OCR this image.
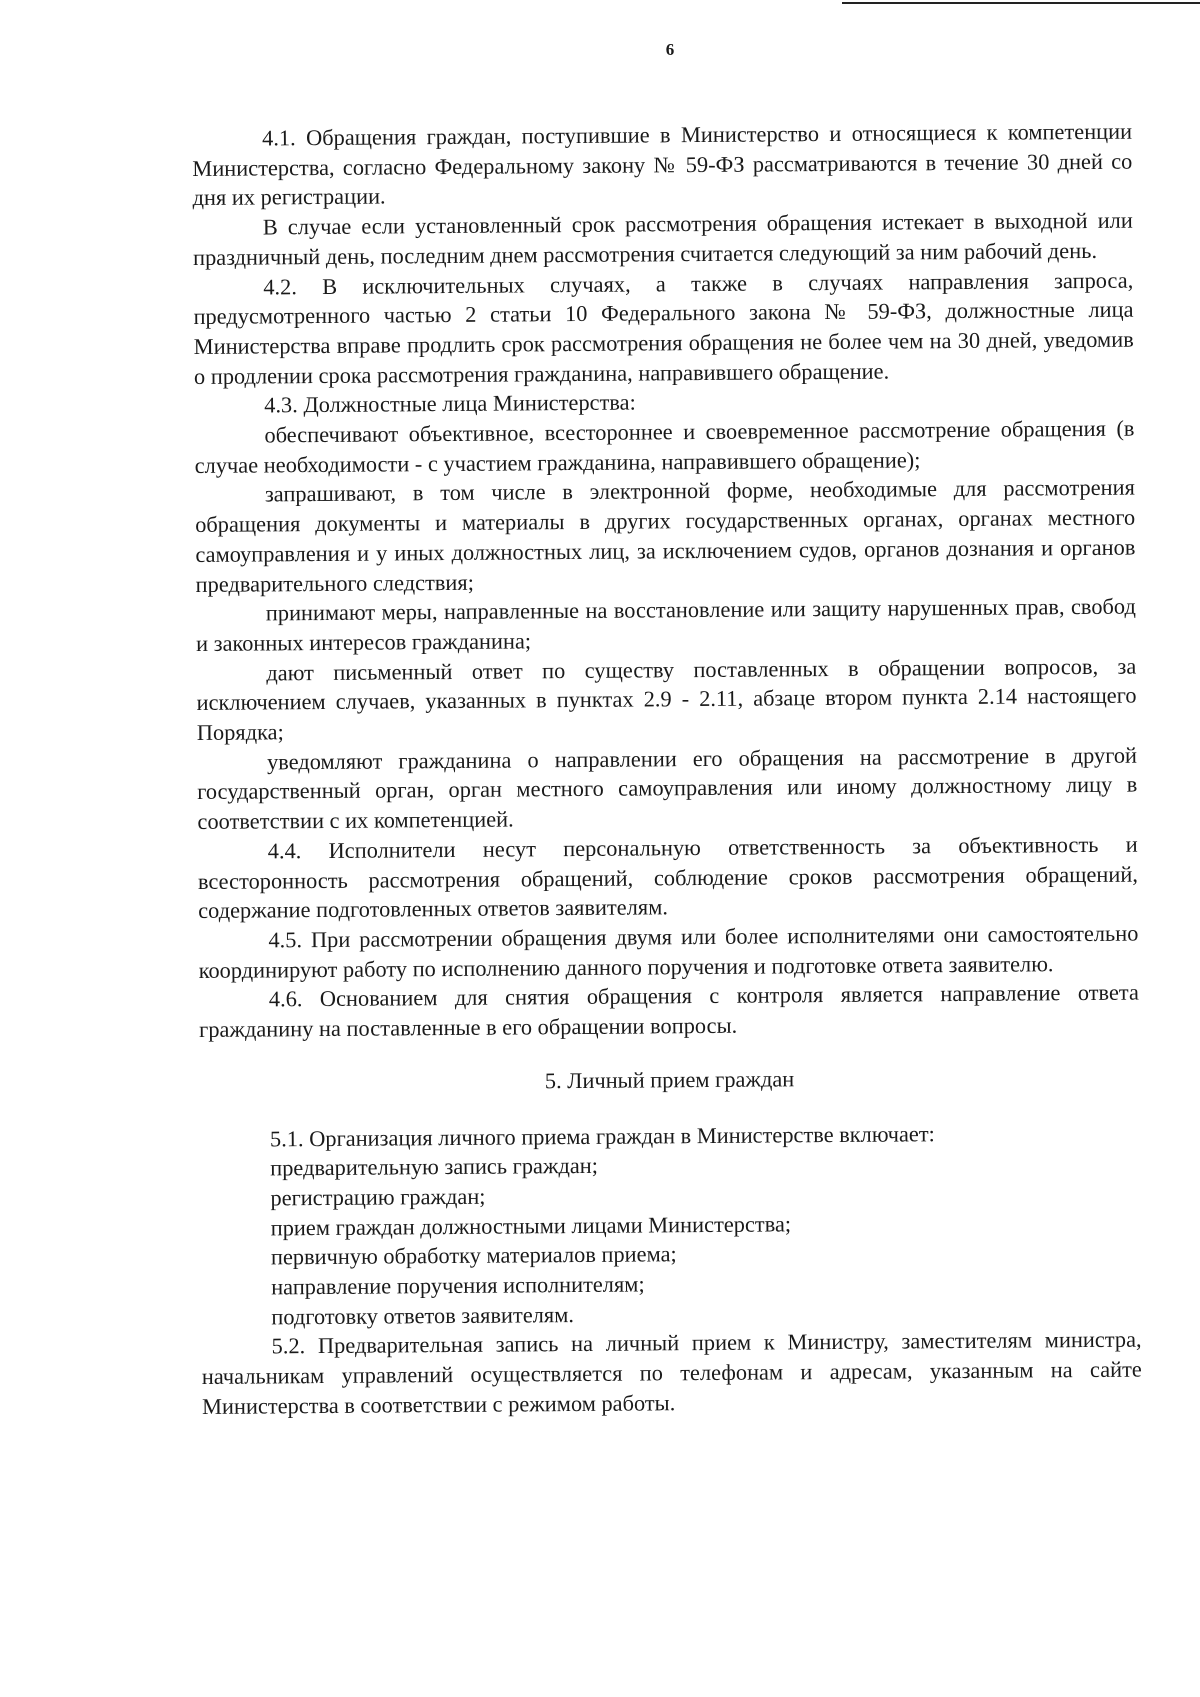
6

4.1. Обращения граждан, поступившие в Министерство и относящиеся к компетенции Министерства, согласно Федеральному закону № 59-ФЗ рассматриваются в течение 30 дней со дня их регистрации.

В случае если установленный срок рассмотрения обращения истекает в выходной или праздничный день, последним днем рассмотрения считается следующий за ним рабочий день.

4.2. В исключительных случаях, а также в случаях направления запроса, предусмотренного частью 2 статьи 10 Федерального закона № 59-ФЗ, должностные лица Министерства вправе продлить срок рассмотрения обращения не более чем на 30 дней, уведомив о продлении срока рассмотрения гражданина, направившего обращение.

4.3. Должностные лица Министерства:

обеспечивают объективное, всестороннее и своевременное рассмотрение обращения (в случае необходимости - с участием гражданина, направившего обращение);

запрашивают, в том числе в электронной форме, необходимые для рассмотрения обращения документы и материалы в других государственных органах, органах местного самоуправления и у иных должностных лиц, за исключением судов, органов дознания и органов предварительного следствия;

принимают меры, направленные на восстановление или защиту нарушенных прав, свобод и законных интересов гражданина;

дают письменный ответ по существу поставленных в обращении вопросов, за исключением случаев, указанных в пунктах 2.9 - 2.11, абзаце втором пункта 2.14 настоящего Порядка;

уведомляют гражданина о направлении его обращения на рассмотрение в другой государственный орган, орган местного самоуправления или иному должностному лицу в соответствии с их компетенцией.

4.4. Исполнители несут персональную ответственность за объективность и всесторонность рассмотрения обращений, соблюдение сроков рассмотрения обращений, содержание подготовленных ответов заявителям.

4.5. При рассмотрении обращения двумя или более исполнителями они самостоятельно координируют работу по исполнению данного поручения и подготовке ответа заявителю.

4.6. Основанием для снятия обращения с контроля является направление ответа гражданину на поставленные в его обращении вопросы.

5. Личный прием граждан

5.1. Организация личного приема граждан в Министерстве включает:

предварительную запись граждан;

регистрацию граждан;

прием граждан должностными лицами Министерства;

первичную обработку материалов приема;

направление поручения исполнителям;

подготовку ответов заявителям.

5.2. Предварительная запись на личный прием к Министру, заместителям министра, начальникам управлений осуществляется по телефонам и адресам, указанным на сайте Министерства в соответствии с режимом работы.
